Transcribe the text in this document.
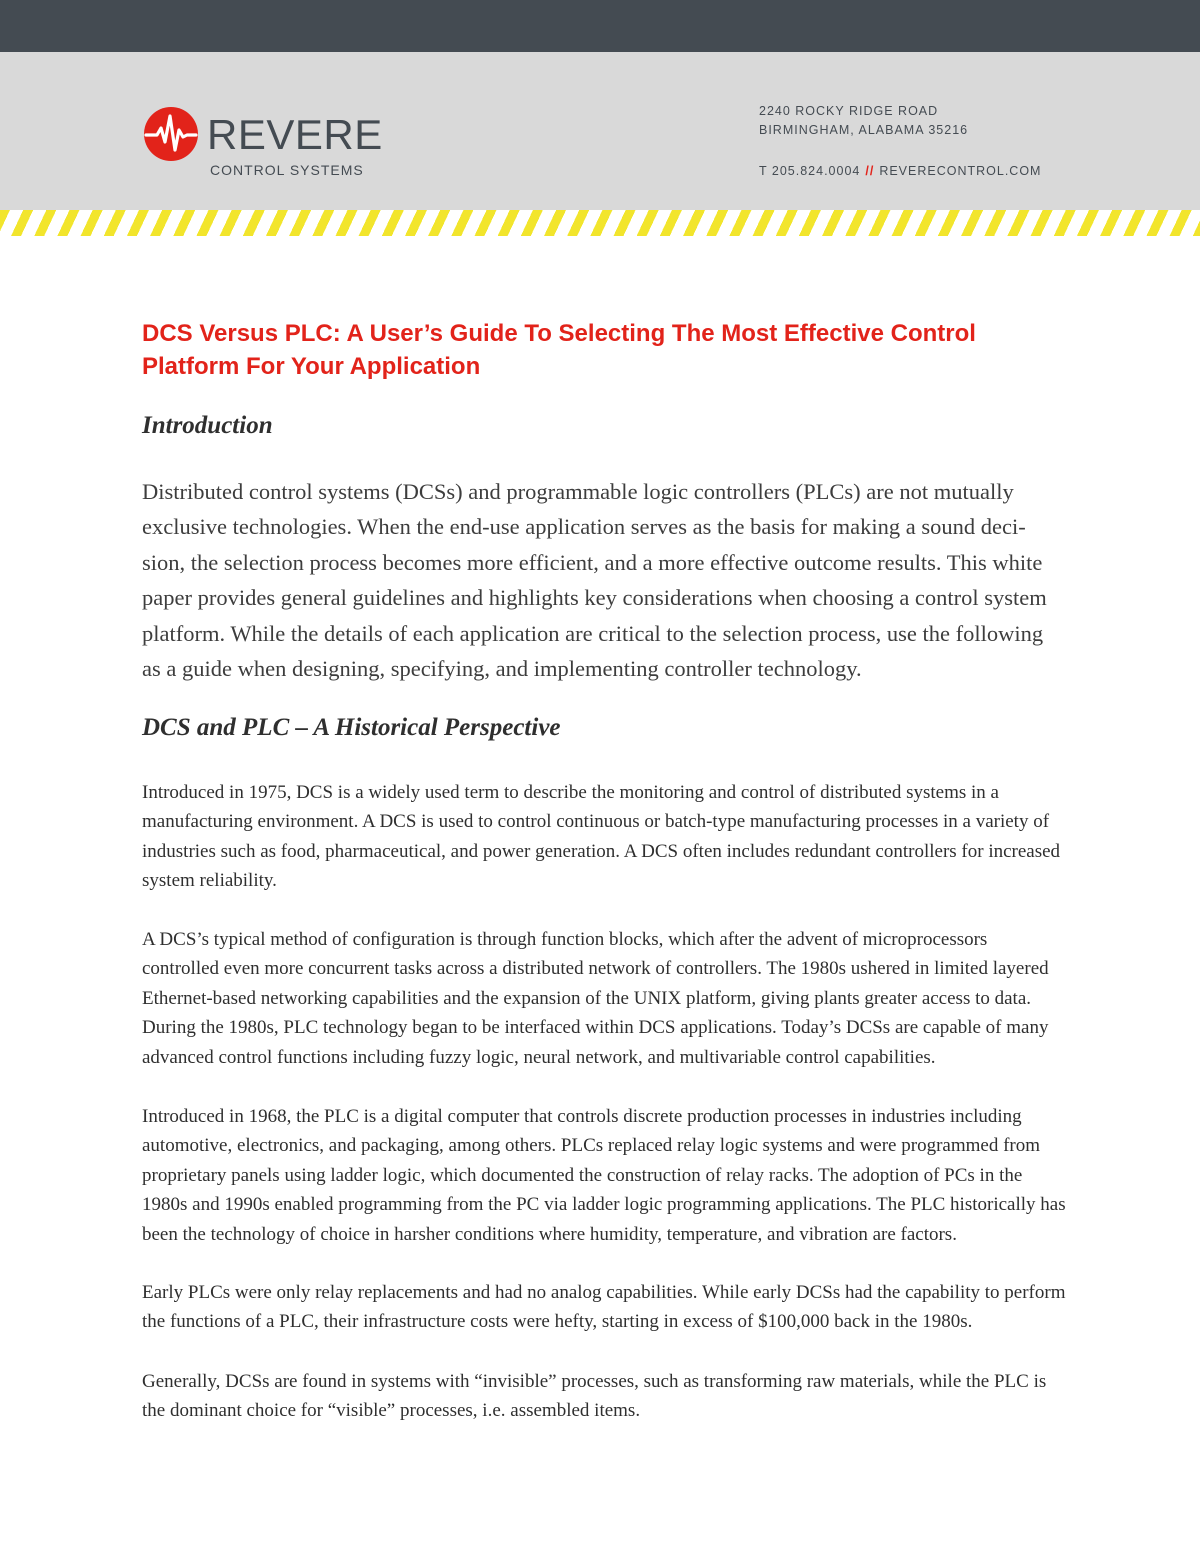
REVERE
CONTROL SYSTEMS
2240 ROCKY RIDGE ROAD
BIRMINGHAM, ALABAMA 35216
T 205.824.0004 // REVERECONTROL.COM
DCS Versus PLC: A User’s Guide To Selecting The Most Effective Control Platform For Your Application
Introduction

Distributed control systems (DCSs) and programmable logic controllers (PLCs) are not mutually exclusive technologies. When the end-use application serves as the basis for making a sound deci-sion, the selection process becomes more efficient, and a more effective outcome results. This white paper provides general guidelines and highlights key considerations when choosing a control system platform. While the details of each application are critical to the selection process, use the following as a guide when designing, specifying, and implementing controller technology.

DCS and PLC – A Historical Perspective

Introduced in 1975, DCS is a widely used term to describe the monitoring and control of distributed systems in a manufacturing environment. A DCS is used to control continuous or batch-type manufacturing processes in a variety of industries such as food, pharmaceutical, and power generation. A DCS often includes redundant controllers for increased system reliability.

A DCS’s typical method of configuration is through function blocks, which after the advent of microprocessors controlled even more concurrent tasks across a distributed network of controllers. The 1980s ushered in limited layered Ethernet-based networking capabilities and the expansion of the UNIX platform, giving plants greater access to data. During the 1980s, PLC technology began to be interfaced within DCS applications. Today’s DCSs are capable of many advanced control functions including fuzzy logic, neural network, and multivariable control capabilities.

Introduced in 1968, the PLC is a digital computer that controls discrete production processes in industries including automotive, electronics, and packaging, among others. PLCs replaced relay logic systems and were programmed from proprietary panels using ladder logic, which documented the construction of relay racks. The adoption of PCs in the 1980s and 1990s enabled programming from the PC via ladder logic programming applications. The PLC historically has been the technology of choice in harsher conditions where humidity, temperature, and vibration are factors.

Early PLCs were only relay replacements and had no analog capabilities. While early DCSs had the capability to perform the functions of a PLC, their infrastructure costs were hefty, starting in excess of $100,000 back in the 1980s.

Generally, DCSs are found in systems with “invisible” processes, such as transforming raw materials, while the PLC is the dominant choice for “visible” processes, i.e. assembled items.
